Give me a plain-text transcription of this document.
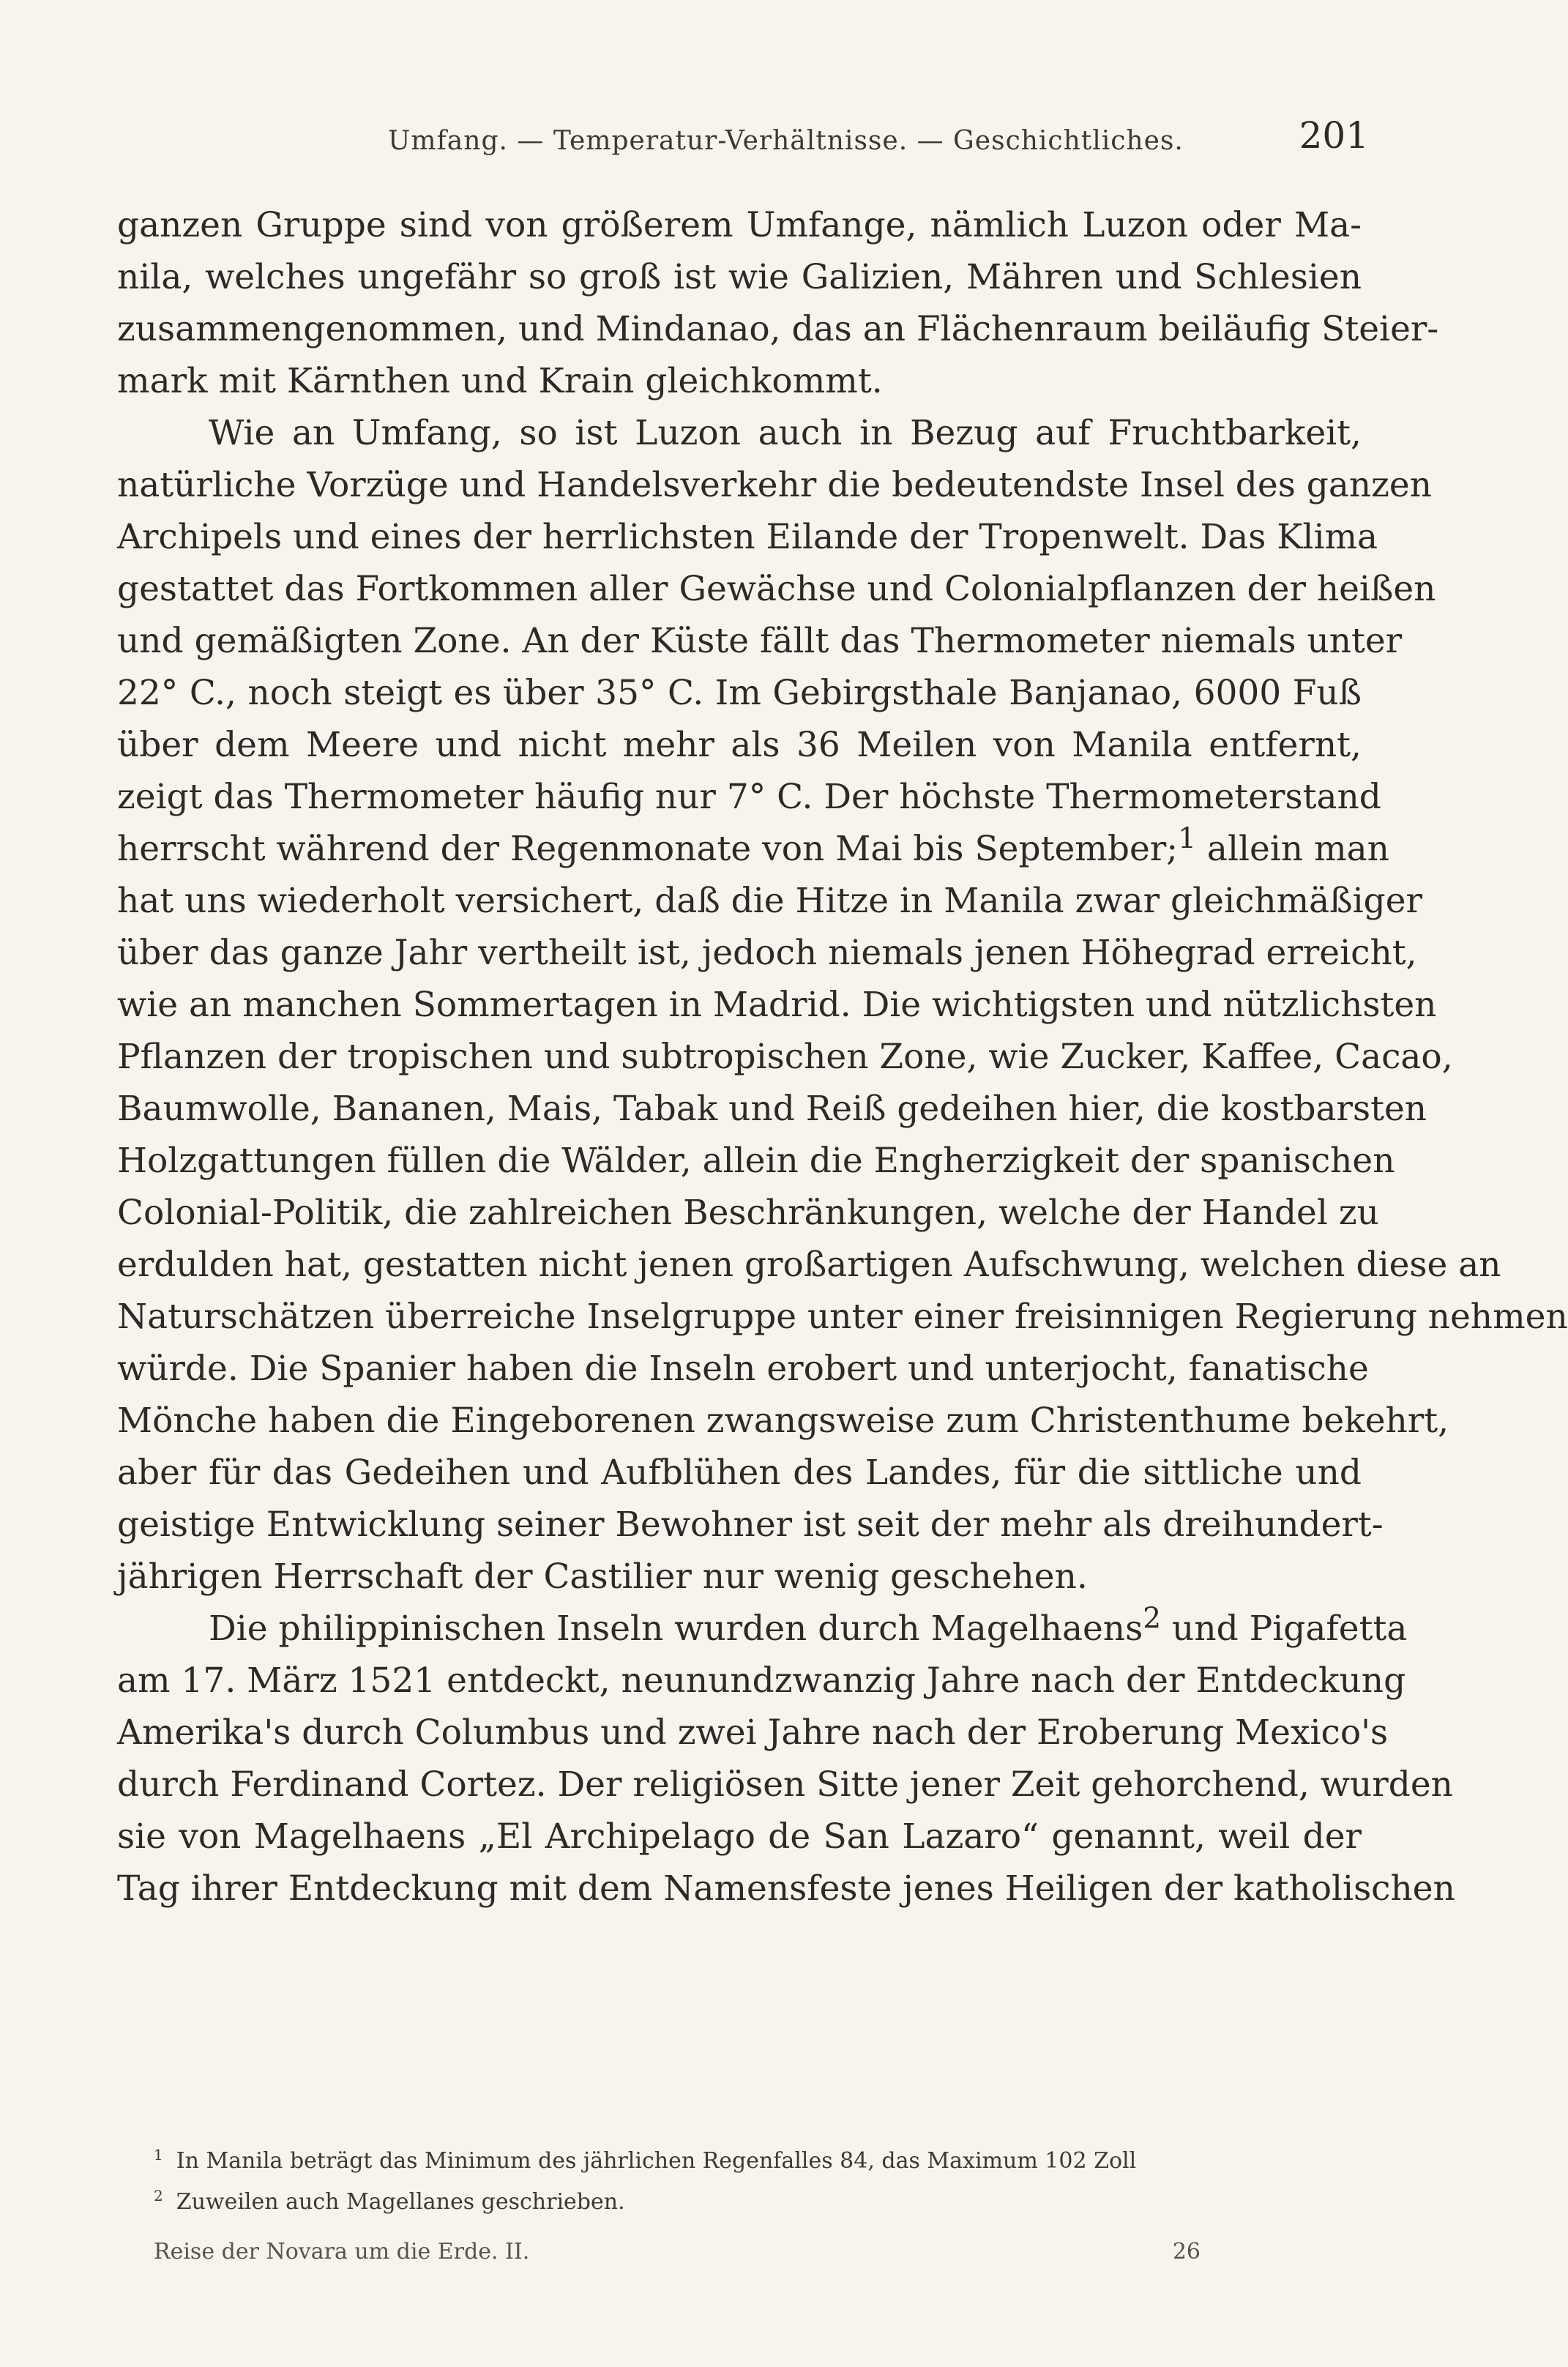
Umfang. — Temperatur-Verhältnisse. — Geschichtliches.	201
ganzen Gruppe sind von größerem Umfange, nämlich Luzon oder Ma-
nila, welches ungefähr so groß ist wie Galizien, Mähren und Schlesien
zusammengenommen, und Mindanao, das an Flächenraum beiläufig Steier-
mark mit Kärnthen und Krain gleichkommt.
Wie an Umfang, so ist Luzon auch in Bezug auf Fruchtbarkeit,
natürliche Vorzüge und Handelsverkehr die bedeutendste Insel des ganzen
Archipels und eines der herrlichsten Eilande der Tropenwelt. Das Klima
gestattet das Fortkommen aller Gewächse und Colonialpflanzen der heißen
und gemäßigten Zone. An der Küste fällt das Thermometer niemals unter
22° C., noch steigt es über 35° C. Im Gebirgsthale Banjanao, 6000 Fuß
über dem Meere und nicht mehr als 36 Meilen von Manila entfernt,
zeigt das Thermometer häufig nur 7° C. Der höchste Thermometerstand
herrscht während der Regenmonate von Mai bis September;$^1$ allein man
hat uns wiederholt versichert, daß die Hitze in Manila zwar gleichmäßiger
über das ganze Jahr vertheilt ist, jedoch niemals jenen Höhegrad erreicht,
wie an manchen Sommertagen in Madrid. Die wichtigsten und nützlichsten
Pflanzen der tropischen und subtropischen Zone, wie Zucker, Kaffee, Cacao,
Baumwolle, Bananen, Mais, Tabak und Reiß gedeihen hier, die kostbarsten
Holzgattungen füllen die Wälder, allein die Engherzigkeit der spanischen
Colonial-Politik, die zahlreichen Beschränkungen, welche der Handel zu
erdulden hat, gestatten nicht jenen großartigen Aufschwung, welchen diese an
Naturschätzen überreiche Inselgruppe unter einer freisinnigen Regierung nehmen
würde. Die Spanier haben die Inseln erobert und unterjocht, fanatische
Mönche haben die Eingeborenen zwangsweise zum Christenthume bekehrt,
aber für das Gedeihen und Aufblühen des Landes, für die sittliche und
geistige Entwicklung seiner Bewohner ist seit der mehr als dreihundert-
jährigen Herrschaft der Castilier nur wenig geschehen.
Die philippinischen Inseln wurden durch Magelhaens$^2$ und Pigafetta
am 17. März 1521 entdeckt, neunundzwanzig Jahre nach der Entdeckung
Amerika's durch Columbus und zwei Jahre nach der Eroberung Mexico's
durch Ferdinand Cortez. Der religiösen Sitte jener Zeit gehorchend, wurden
sie von Magelhaens „El Archipelago de San Lazaro“ genannt, weil der
Tag ihrer Entdeckung mit dem Namensfeste jenes Heiligen der katholischen
$^1$ In Manila beträgt das Minimum des jährlichen Regenfalles 84, das Maximum 102 Zoll
$^2$ Zuweilen auch Magellanes geschrieben.
Reise der Novara um die Erde. II.	26
